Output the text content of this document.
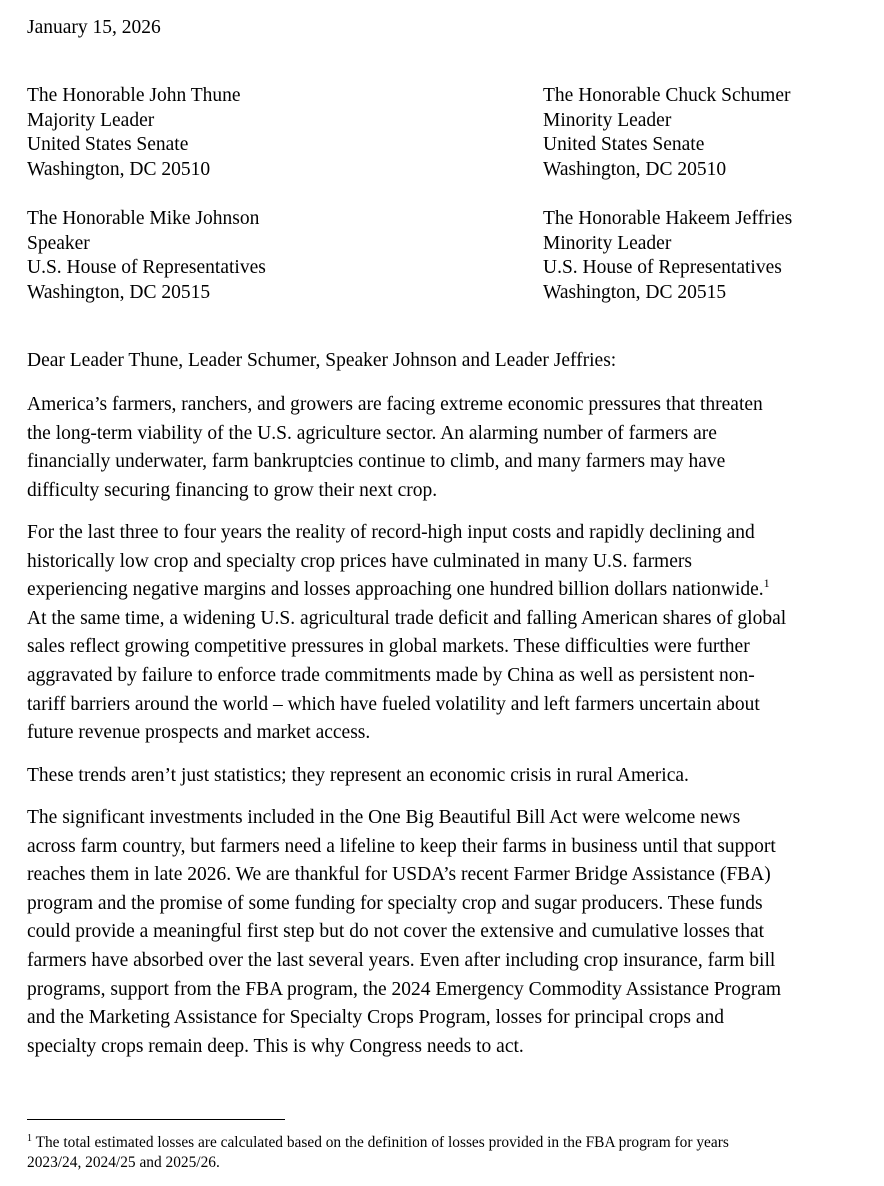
January 15, 2026
The Honorable John Thune
Majority Leader
United States Senate
Washington, DC 20510
The Honorable Chuck Schumer
Minority Leader
United States Senate
Washington, DC 20510
The Honorable Mike Johnson
Speaker
U.S. House of Representatives
Washington, DC 20515
The Honorable Hakeem Jeffries
Minority Leader
U.S. House of Representatives
Washington, DC 20515
Dear Leader Thune, Leader Schumer, Speaker Johnson and Leader Jeffries:
America’s farmers, ranchers, and growers are facing extreme economic pressures that threaten
the long-term viability of the U.S. agriculture sector. An alarming number of farmers are
financially underwater, farm bankruptcies continue to climb, and many farmers may have
difficulty securing financing to grow their next crop.
For the last three to four years the reality of record-high input costs and rapidly declining and
historically low crop and specialty crop prices have culminated in many U.S. farmers
experiencing negative margins and losses approaching one hundred billion dollars nationwide.$^1$
At the same time, a widening U.S. agricultural trade deficit and falling American shares of global
sales reflect growing competitive pressures in global markets. These difficulties were further
aggravated by failure to enforce trade commitments made by China as well as persistent non-
tariff barriers around the world – which have fueled volatility and left farmers uncertain about
future revenue prospects and market access.
These trends aren’t just statistics; they represent an economic crisis in rural America.
The significant investments included in the One Big Beautiful Bill Act were welcome news
across farm country, but farmers need a lifeline to keep their farms in business until that support
reaches them in late 2026. We are thankful for USDA’s recent Farmer Bridge Assistance (FBA)
program and the promise of some funding for specialty crop and sugar producers. These funds
could provide a meaningful first step but do not cover the extensive and cumulative losses that
farmers have absorbed over the last several years. Even after including crop insurance, farm bill
programs, support from the FBA program, the 2024 Emergency Commodity Assistance Program
and the Marketing Assistance for Specialty Crops Program, losses for principal crops and
specialty crops remain deep. This is why Congress needs to act.
$^1$ The total estimated losses are calculated based on the definition of losses provided in the FBA program for years
2023/24, 2024/25 and 2025/26.
